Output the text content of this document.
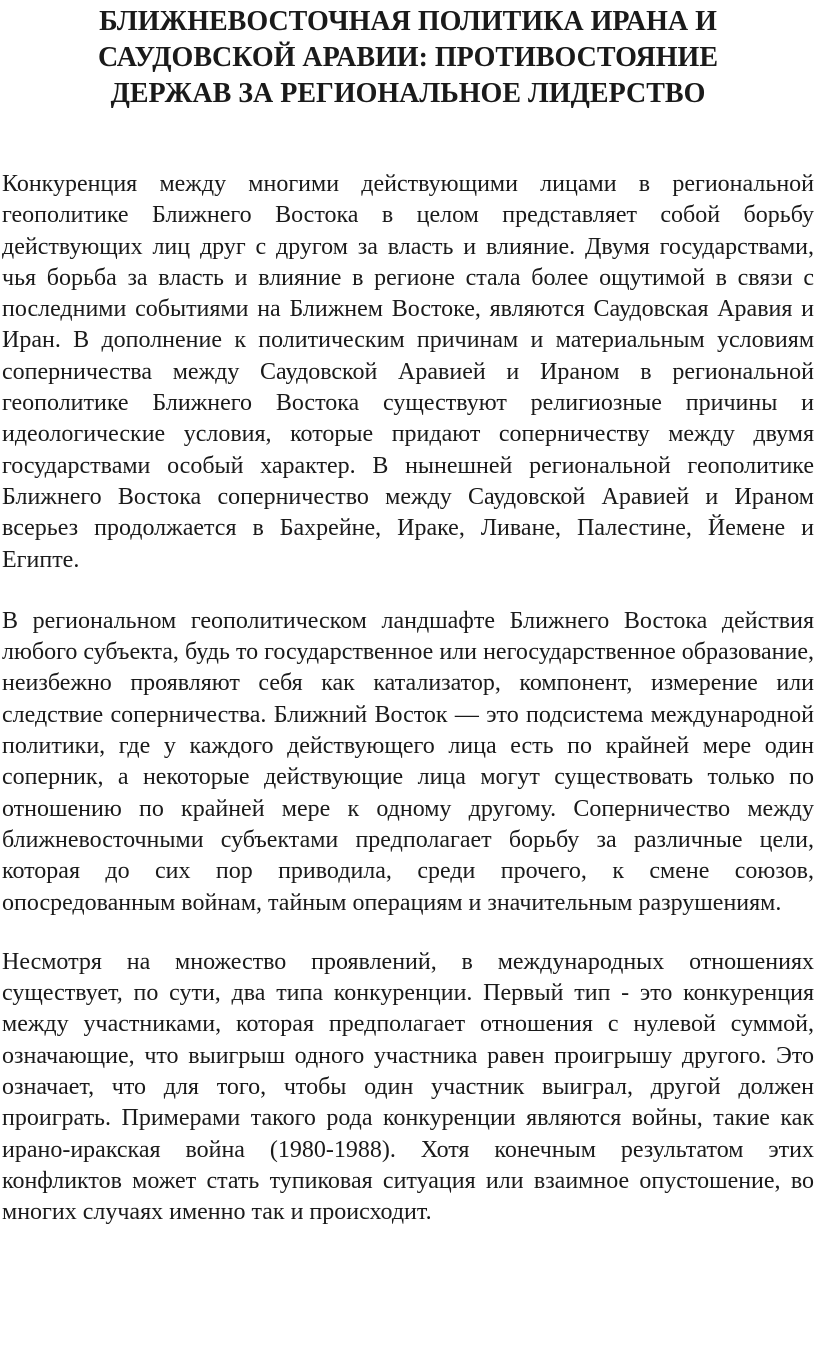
БЛИЖНЕВОСТОЧНАЯ ПОЛИТИКА ИРАНА И
САУДОВСКОЙ АРАВИИ: ПРОТИВОСТОЯНИЕ
ДЕРЖАВ ЗА РЕГИОНАЛЬНОЕ ЛИДЕРСТВО

Конкуренция между многими действующими лицами в региональной геополитике Ближнего Востока в целом представляет собой борьбу действующих лиц друг с другом за власть и влияние. Двумя государствами, чья борьба за власть и влияние в регионе стала более ощутимой в связи с последними событиями на Ближнем Востоке, являются Саудовская Аравия и Иран. В дополнение к политическим причинам и материальным условиям соперничества между Саудовской Аравией и Ираном в региональной геополитике Ближнего Востока существуют религиозные причины и идеологические условия, которые придают соперничеству между двумя государствами особый характер. В нынешней региональной геополитике Ближнего Востока соперничество между Саудовской Аравией и Ираном всерьез продолжается в Бахрейне, Ираке, Ливане, Палестине, Йемене и Египте.

В региональном геополитическом ландшафте Ближнего Востока действия любого субъекта, будь то государственное или негосударственное образование, неизбежно проявляют себя как катализатор, компонент, измерение или следствие соперничества. Ближний Восток — это подсистема международной политики, где у каждого действующего лица есть по крайней мере один соперник, а некоторые действующие лица могут существовать только по отношению по крайней мере к одному другому. Соперничество между ближневосточными субъектами предполагает борьбу за различные цели, которая до сих пор приводила, среди прочего, к смене союзов, опосредованным войнам, тайным операциям и значительным разрушениям.

Несмотря на множество проявлений, в международных отношениях существует, по сути, два типа конкуренции. Первый тип - это конкуренция между участниками, которая предполагает отношения с нулевой суммой, означающие, что выигрыш одного участника равен проигрышу другого. Это означает, что для того, чтобы один участник выиграл, другой должен проиграть. Примерами такого рода конкуренции являются войны, такие как ирано-иракская война (1980-1988). Хотя конечным результатом этих конфликтов может стать тупиковая ситуация или взаимное опустошение, во многих случаях именно так и происходит.
